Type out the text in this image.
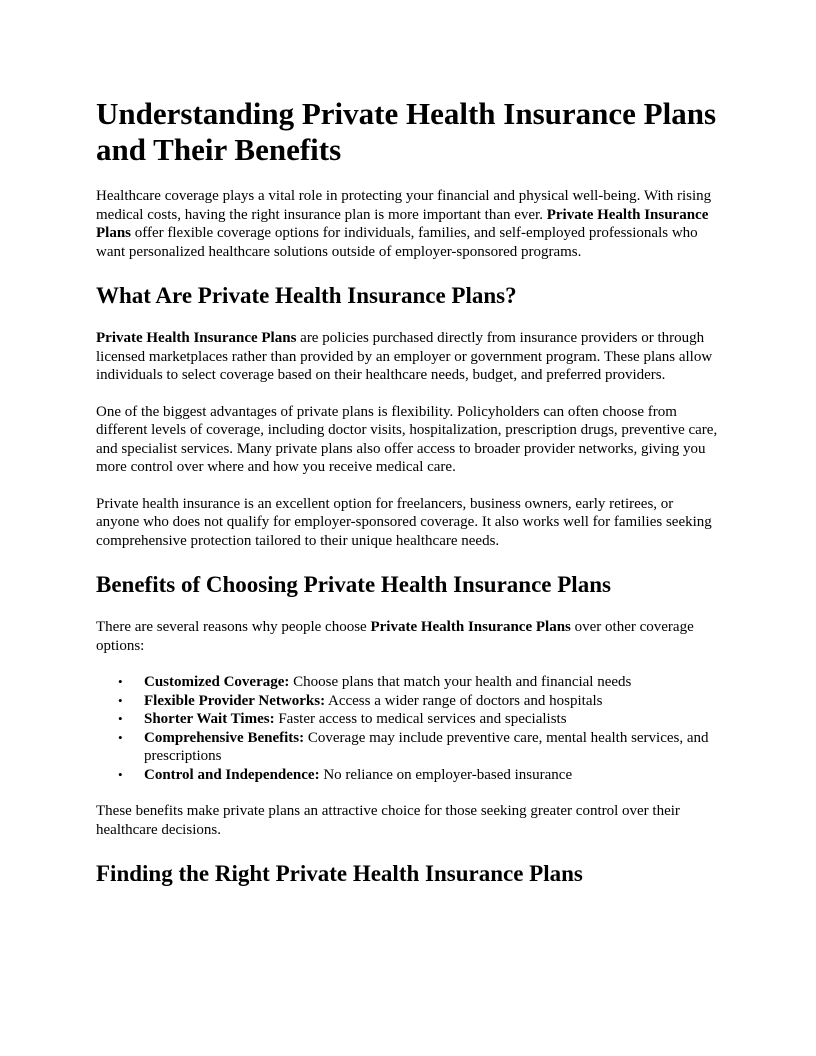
Understanding Private Health Insurance Plans and Their Benefits

Healthcare coverage plays a vital role in protecting your financial and physical well-being. With rising medical costs, having the right insurance plan is more important than ever. Private Health Insurance Plans offer flexible coverage options for individuals, families, and self-employed professionals who want personalized healthcare solutions outside of employer-sponsored programs.

What Are Private Health Insurance Plans?

Private Health Insurance Plans are policies purchased directly from insurance providers or through licensed marketplaces rather than provided by an employer or government program. These plans allow individuals to select coverage based on their healthcare needs, budget, and preferred providers.

One of the biggest advantages of private plans is flexibility. Policyholders can often choose from different levels of coverage, including doctor visits, hospitalization, prescription drugs, preventive care, and specialist services. Many private plans also offer access to broader provider networks, giving you more control over where and how you receive medical care.

Private health insurance is an excellent option for freelancers, business owners, early retirees, or anyone who does not qualify for employer-sponsored coverage. It also works well for families seeking comprehensive protection tailored to their unique healthcare needs.

Benefits of Choosing Private Health Insurance Plans

There are several reasons why people choose Private Health Insurance Plans over other coverage options:

• Customized Coverage: Choose plans that match your health and financial needs
• Flexible Provider Networks: Access a wider range of doctors and hospitals
• Shorter Wait Times: Faster access to medical services and specialists
• Comprehensive Benefits: Coverage may include preventive care, mental health services, and prescriptions
• Control and Independence: No reliance on employer-based insurance

These benefits make private plans an attractive choice for those seeking greater control over their healthcare decisions.

Finding the Right Private Health Insurance Plans
